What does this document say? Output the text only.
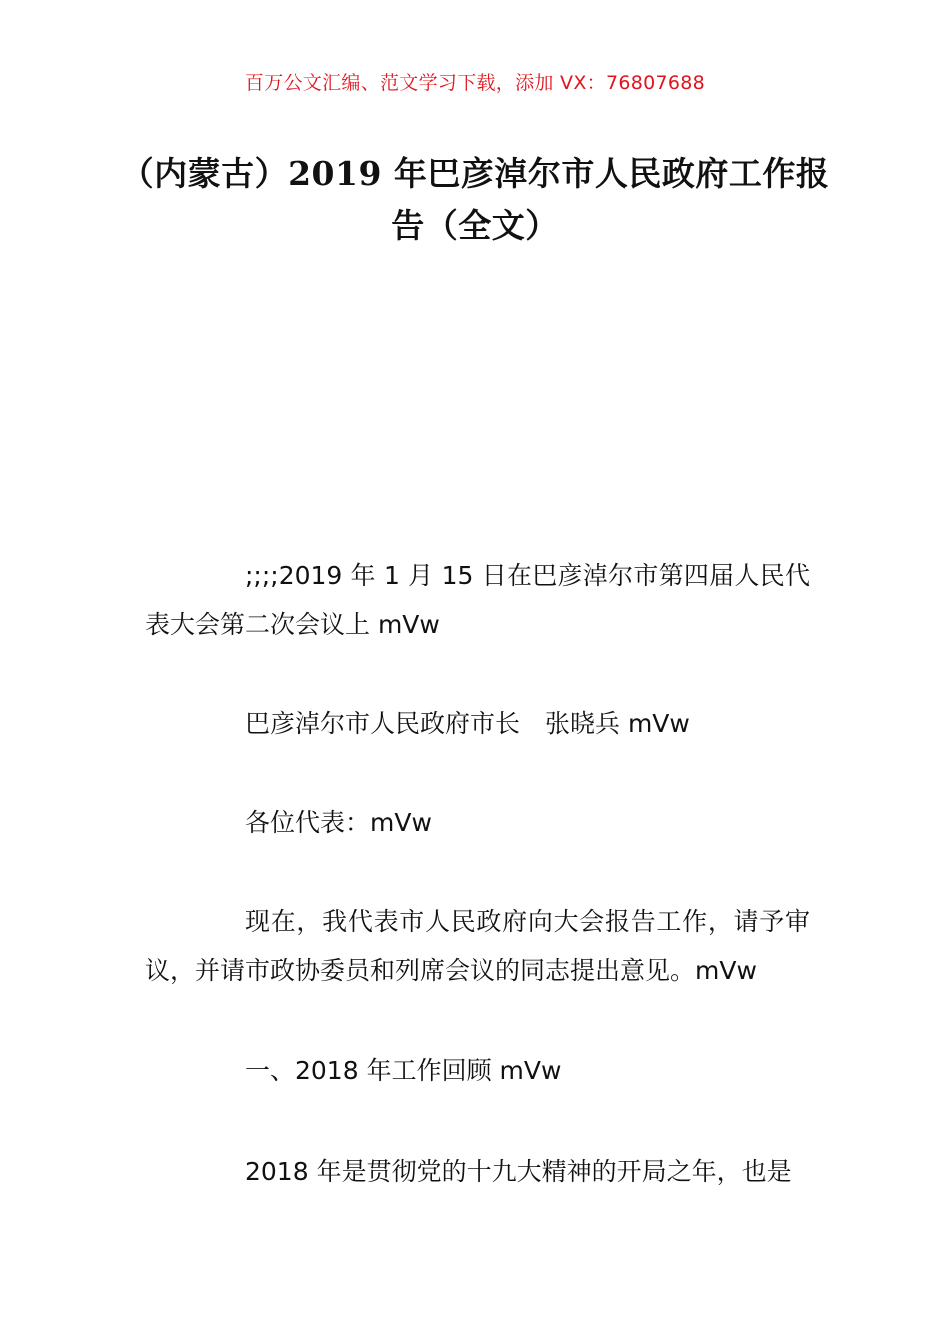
百万公文汇编、范文学习下载，添加 VX：76807688
（内蒙古）2019 年巴彦淖尔市人民政府工作报告（全文）

;;;;2019 年 1 月 15 日在巴彦淖尔市第四届人民代表大会第二次会议上 mVw

巴彦淖尔市人民政府市长　张晓兵 mVw

各位代表：mVw

现在，我代表市人民政府向大会报告工作，请予审议，并请市政协委员和列席会议的同志提出意见。mVw

一、2018 年工作回顾 mVw

2018 年是贯彻党的十九大精神的开局之年，也是
